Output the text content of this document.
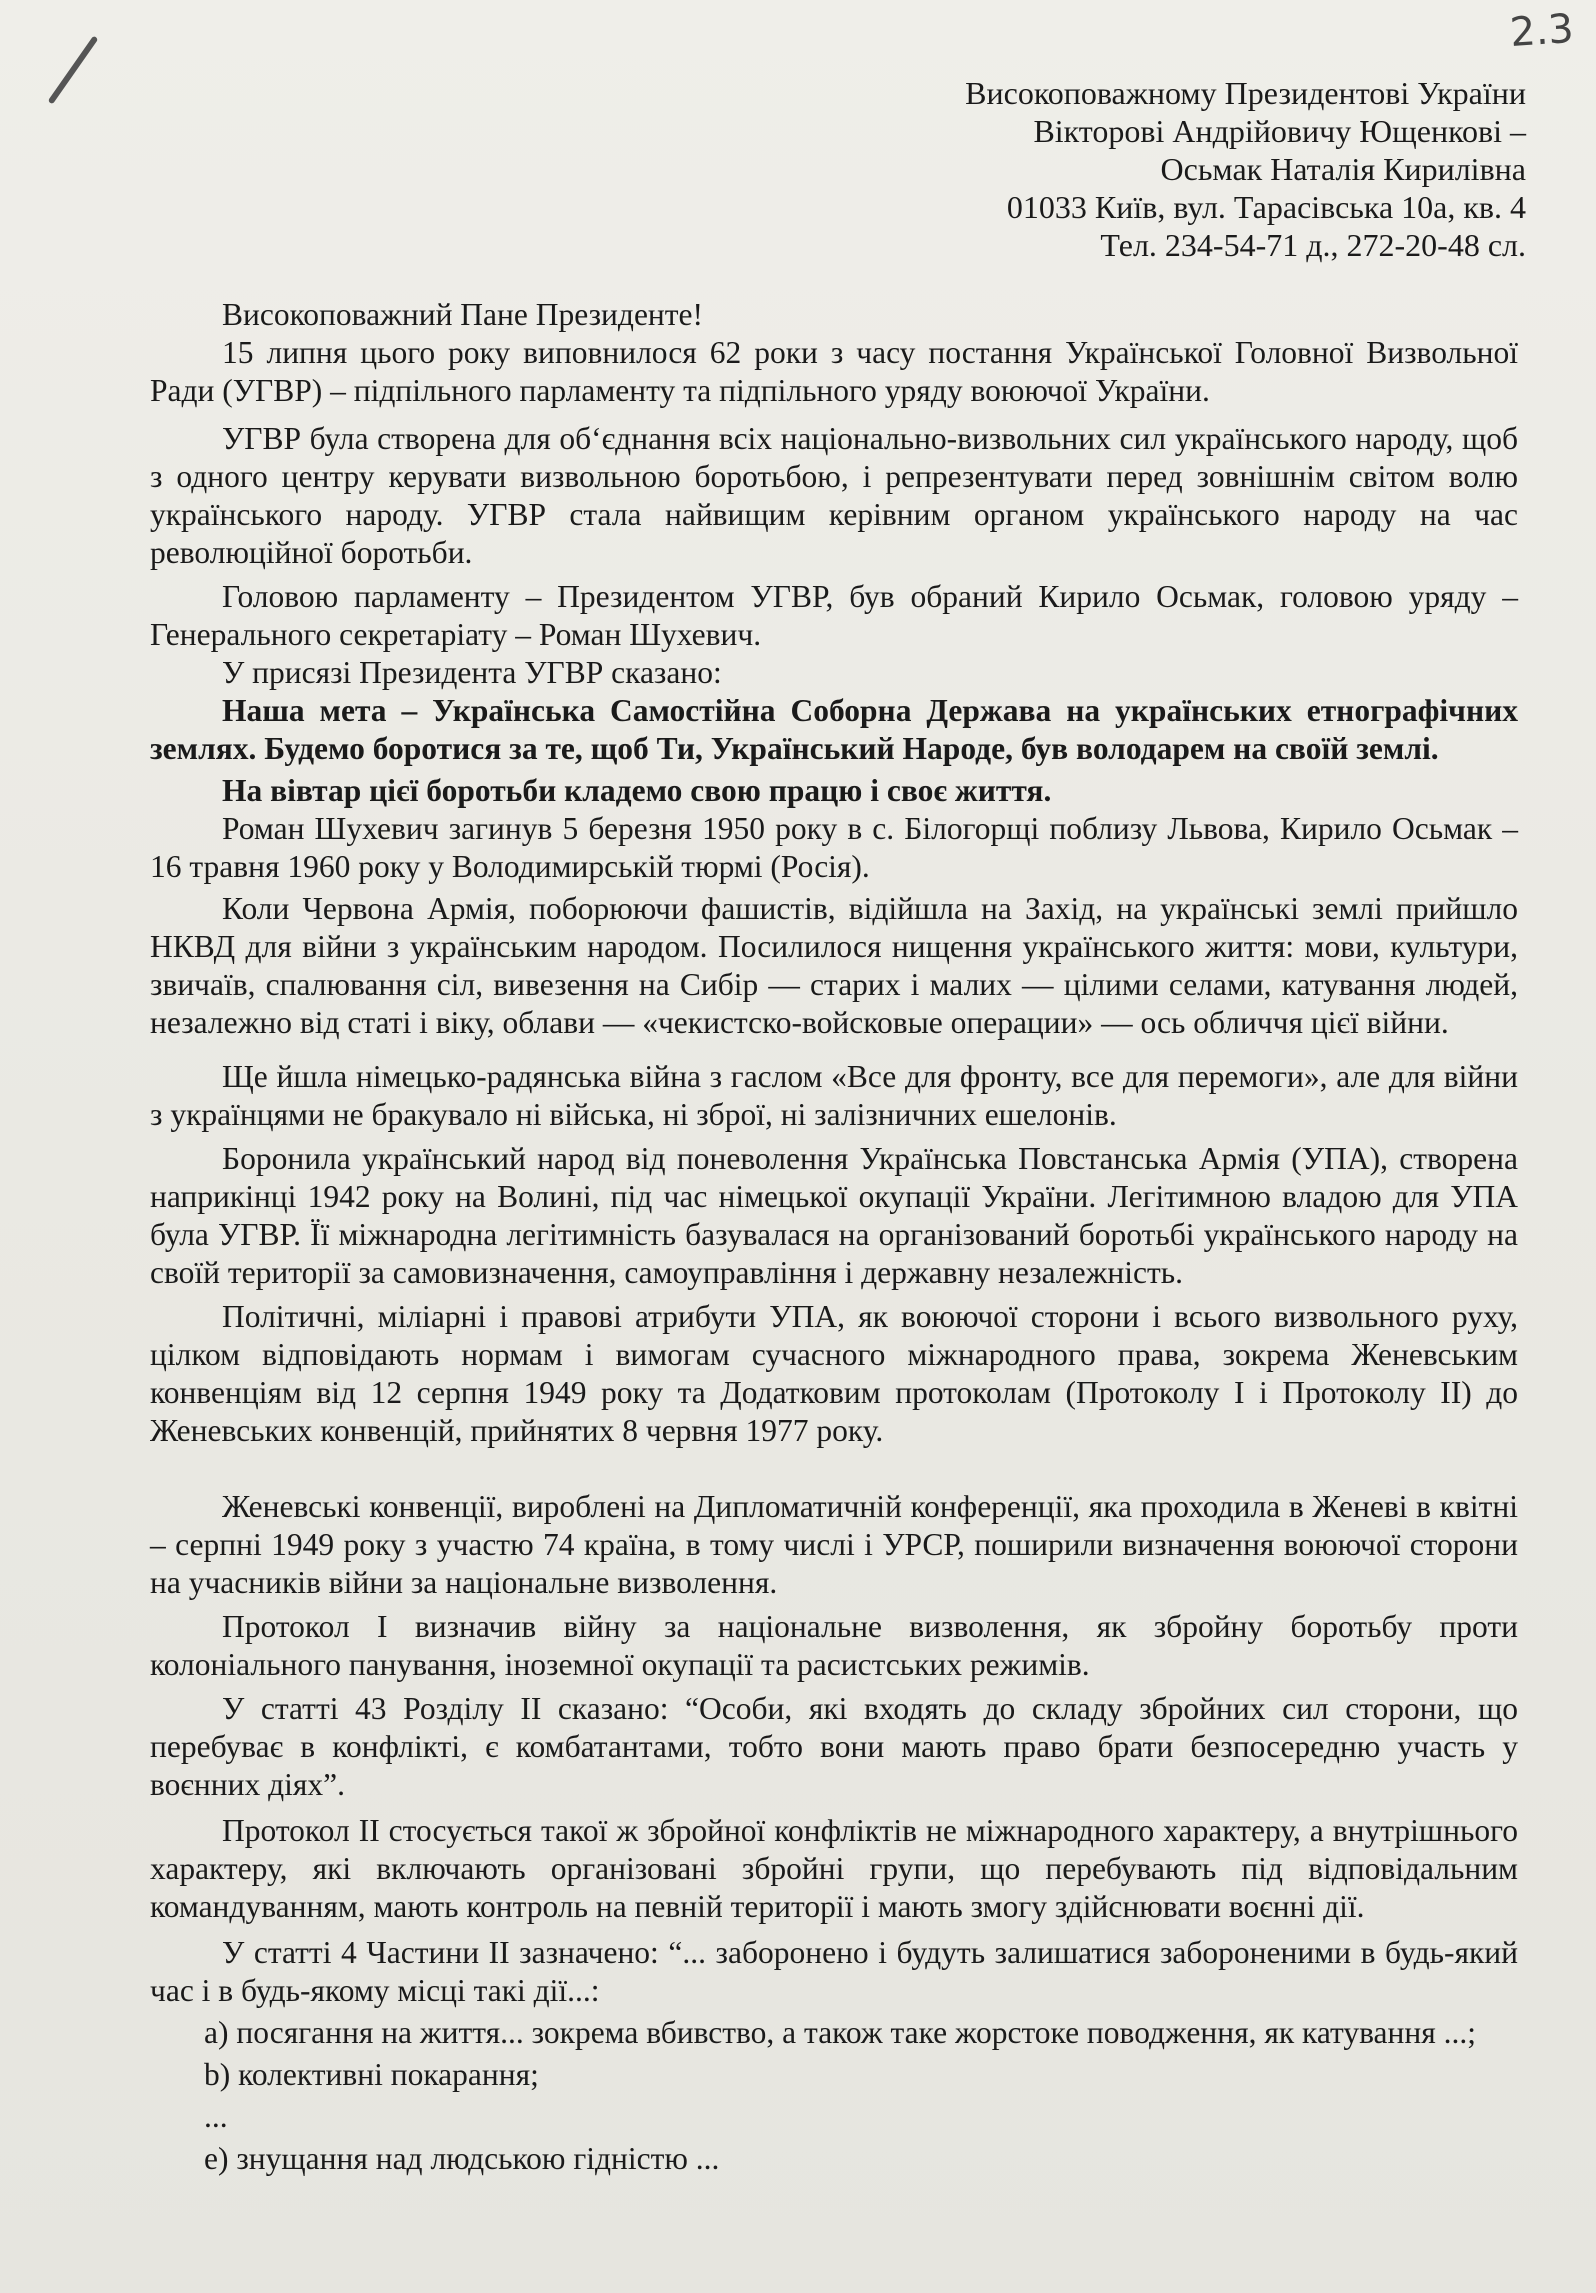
2.3
Високоповажному Президентові України
Вікторові Андрійовичу Ющенкові –
Осьмак Наталія Кирилівна
01033 Київ, вул. Тарасівська 10а, кв. 4
Тел. 234-54-71 д., 272-20-48 сл.

Високоповажний Пане Президенте!

15 липня цього року виповнилося 62 роки з часу постання Української Головної Визвольної Ради (УГВР) – підпільного парламенту та підпільного уряду воюючої України.

УГВР була створена для об‘єднання всіх національно-визвольних сил українського народу, щоб з одного центру керувати визвольною боротьбою, і репрезентувати перед зовнішнім світом волю українського народу. УГВР стала найвищим керівним органом українського народу на час революційної боротьби.

Головою парламенту – Президентом УГВР, був обраний Кирило Осьмак, головою уряду – Генерального секретаріату – Роман Шухевич.

У присязі Президента УГВР сказано:

Наша мета – Українська Самостійна Соборна Держава на українських етнографічних землях. Будемо боротися за те, щоб Ти, Український Народе, був володарем на своїй землі.

На вівтар цієї боротьби кладемо свою працю і своє життя.

Роман Шухевич загинув 5 березня 1950 року в с. Білогорщі поблизу Львова, Кирило Осьмак – 16 травня 1960 року у Володимирській тюрмі (Росія).

Коли Червона Армія, поборюючи фашистів, відійшла на Захід, на українські землі прийшло НКВД для війни з українським народом. Посилилося нищення українського життя: мови, культури, звичаїв, спалювання сіл, вивезення на Сибір — старих і малих — цілими селами, катування людей, незалежно від статі і віку, облави — «чекистско-войсковые операции» — ось обличчя цієї війни.

Ще йшла німецько-радянська війна з гаслом «Все для фронту, все для перемоги», але для війни з українцями не бракувало ні війська, ні зброї, ні залізничних ешелонів.

Боронила український народ від поневолення Українська Повстанська Армія (УПА), створена наприкінці 1942 року на Волині, під час німецької окупації України. Легітимною владою для УПА була УГВР. Її міжнародна легітимність базувалася на організований боротьбі українського народу на своїй території за самовизначення, самоуправління і державну незалежність.

Політичні, міліарні і правові атрибути УПА, як воюючої сторони і всього визвольного руху, цілком відповідають нормам і вимогам сучасного міжнародного права, зокрема Женевським конвенціям від 12 серпня 1949 року та Додатковим протоколам (Протоколу І і Протоколу ІІ) до Женевських конвенцій, прийнятих 8 червня 1977 року.

Женевські конвенції, вироблені на Дипломатичній конференції, яка проходила в Женеві в квітні – серпні 1949 року з участю 74 країна, в тому числі і УРСР, поширили визначення воюючої сторони на учасників війни за національне визволення.

Протокол І визначив війну за національне визволення, як збройну боротьбу проти колоніального панування, іноземної окупації та расистських режимів.

У статті 43 Розділу ІІ сказано: “Особи, які входять до складу збройних сил сторони, що перебуває в конфлікті, є комбатантами, тобто вони мають право брати безпосередню участь у воєнних діях”.

Протокол ІІ стосується такої ж збройної конфліктів не міжнародного характеру, а внутрішнього характеру, які включають організовані збройні групи, що перебувають під відповідальним командуванням, мають контроль на певній території і мають змогу здійснювати воєнні дії.

У статті 4 Частини ІІ зазначено: “... заборонено і будуть залишатися забороненими в будь-який час і в будь-якому місці такі дії...:

а) посягання на життя... зокрема вбивство, а також таке жорстоке поводження, як катування ...;

b) колективні покарання;

...

е) знущання над людською гідністю ...
